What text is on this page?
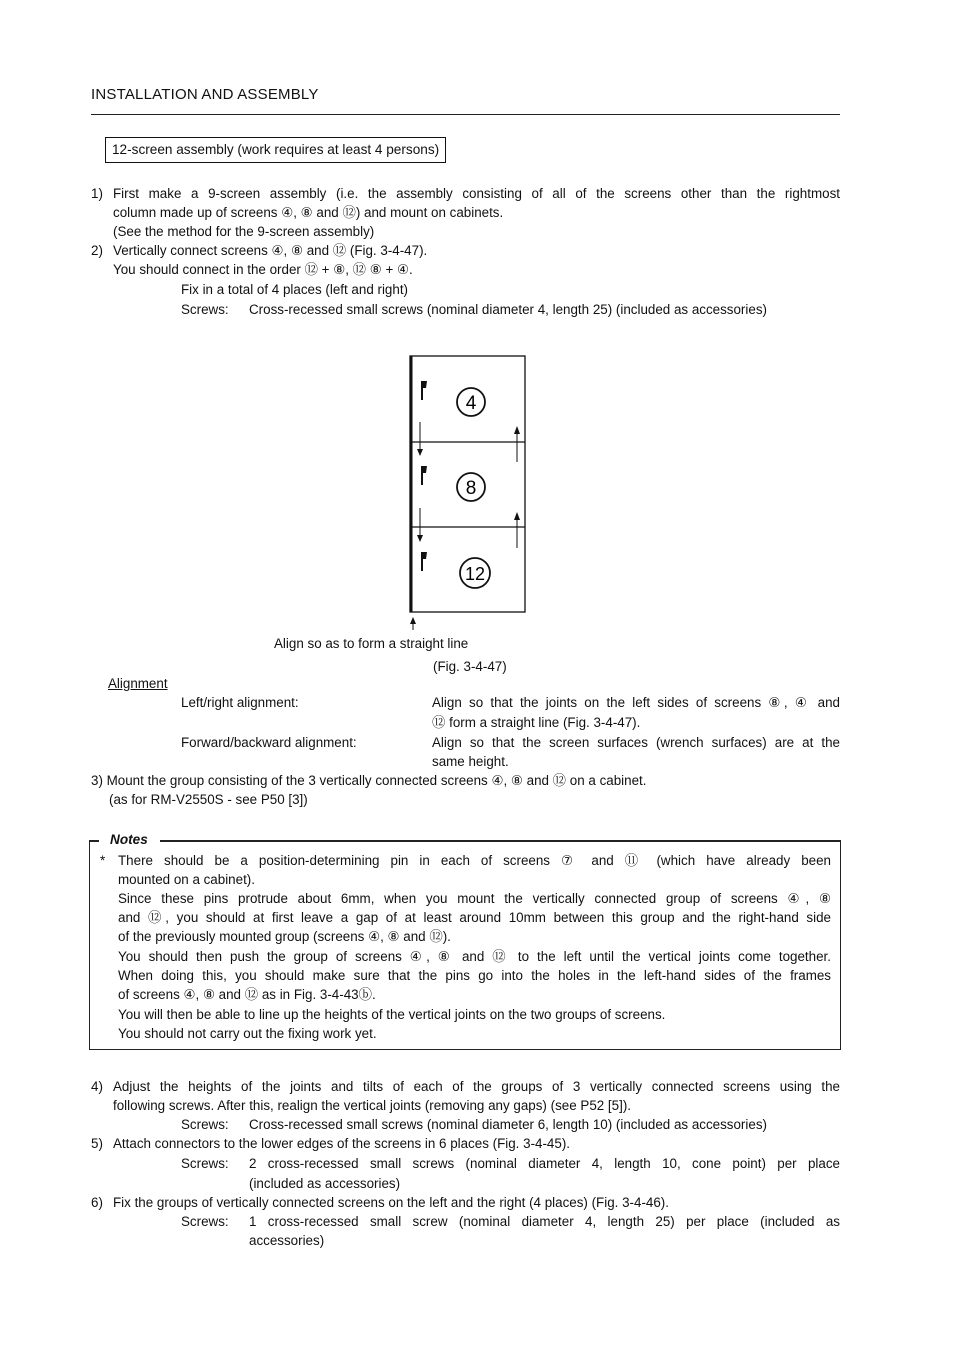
INSTALLATION AND ASSEMBLY
12-screen assembly (work requires at least 4 persons)
1) First make a 9-screen assembly (i.e. the assembly consisting of all of the screens other than the rightmost
column made up of screens ④, ⑧ and ⑫) and mount on cabinets.
(See the method for the 9-screen assembly)
2) Vertically connect screens ④, ⑧ and ⑫ (Fig. 3-4-47).
You should connect in the order ⑫ + ⑧, ⑫ ⑧ + ④.
Fix in a total of 4 places (left and right)
Screws: Cross-recessed small screws (nominal diameter 4, length 25) (included as accessories)
4
8
12
Align so as to form a straight line
(Fig. 3-4-47)
Alignment
Left/right alignment:	Align so that the joints on the left sides of screens ⑧, ④ and
⑫ form a straight line (Fig. 3-4-47).
Forward/backward alignment:	Align so that the screen surfaces (wrench surfaces) are at the
same height.
3) Mount the group consisting of the 3 vertically connected screens ④, ⑧ and ⑫ on a cabinet.
(as for RM-V2550S - see P50 [3])
Notes
* There should be a position-determining pin in each of screens ⑦ and ⑪ (which have already been
mounted on a cabinet).
Since these pins protrude about 6mm, when you mount the vertically connected group of screens ④, ⑧
and ⑫, you should at first leave a gap of at least around 10mm between this group and the right-hand side
of the previously mounted group (screens ④, ⑧ and ⑫).
You should then push the group of screens ④, ⑧ and ⑫ to the left until the vertical joints come together.
When doing this, you should make sure that the pins go into the holes in the left-hand sides of the frames
of screens ④, ⑧ and ⑫ as in Fig. 3-4-43ⓑ.
You will then be able to line up the heights of the vertical joints on the two groups of screens.
You should not carry out the fixing work yet.
4) Adjust the heights of the joints and tilts of each of the groups of 3 vertically connected screens using the
following screws. After this, realign the vertical joints (removing any gaps) (see P52 [5]).
Screws: Cross-recessed small screws (nominal diameter 6, length 10) (included as accessories)
5) Attach connectors to the lower edges of the screens in 6 places (Fig. 3-4-45).
Screws: 2 cross-recessed small screws (nominal diameter 4, length 10, cone point) per place
(included as accessories)
6) Fix the groups of vertically connected screens on the left and the right (4 places) (Fig. 3-4-46).
Screws: 1 cross-recessed small screw (nominal diameter 4, length 25) per place (included as
accessories)
